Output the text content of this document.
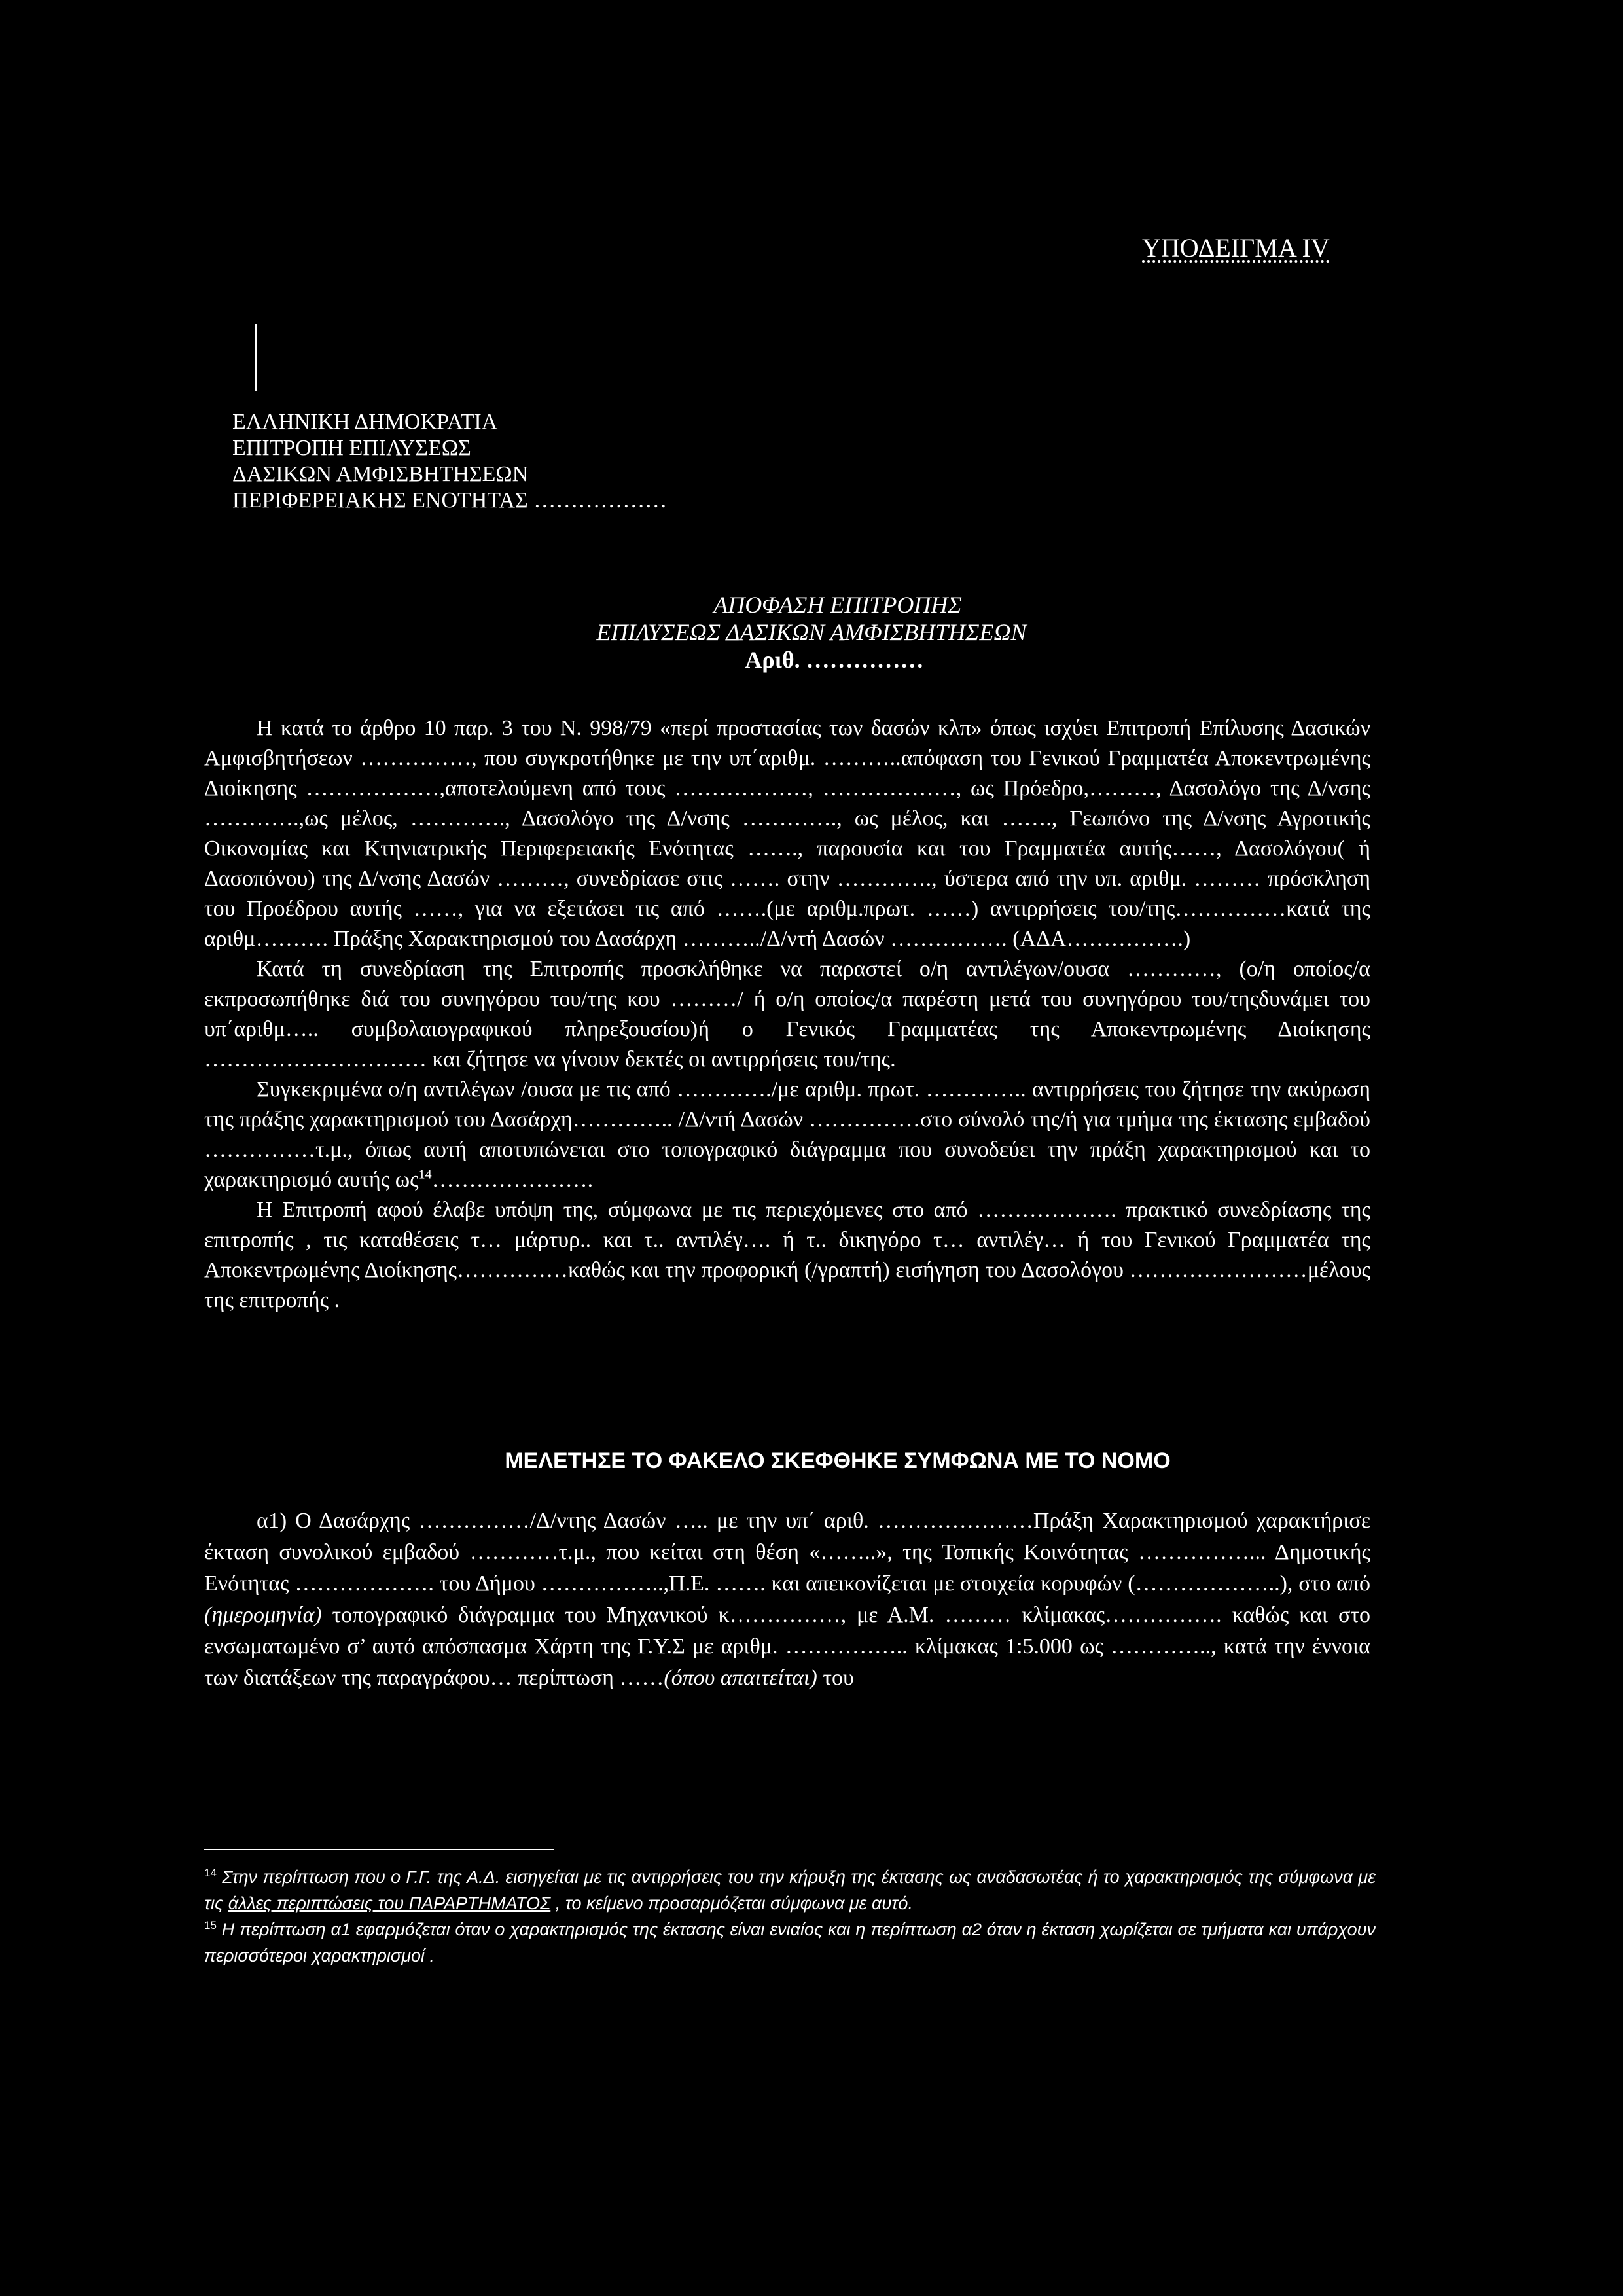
ΥΠΟΔΕΙΓΜΑ IV
ΕΛΛΗΝΙΚΗ ΔΗΜΟΚΡΑΤΙΑ
ΕΠΙΤΡΟΠΗ ΕΠΙΛΥΣΕΩΣ
ΔΑΣΙΚΩΝ ΑΜΦΙΣΒΗΤΗΣΕΩΝ
ΠΕΡΙΦΕΡΕΙΑΚΗΣ ΕΝΟΤΗΤΑΣ ………………
ΑΠΟΦΑΣΗ ΕΠΙΤΡΟΠΗΣ
ΕΠΙΛΥΣΕΩΣ ΔΑΣΙΚΩΝ ΑΜΦΙΣΒΗΤΗΣΕΩΝ
Αριθ. ……………

Η κατά το άρθρο 10 παρ. 3 του Ν. 998/79 «περί προστασίας των δασών κλπ» όπως ισχύει Επιτροπή Επίλυσης Δασικών Αμφισβητήσεων ……………, που συγκροτήθηκε με την υπ΄αριθμ. ………..απόφαση του Γενικού Γραμματέα Αποκεντρωμένης Διοίκησης ………………,αποτελούμενη από τους ………………, ………………, ως Πρόεδρο,………, Δασολόγο της Δ/νσης ………….,ως μέλος, …………., Δασολόγο της Δ/νσης …………., ως μέλος, και ……., Γεωπόνο της Δ/νσης Αγροτικής Οικονομίας και Κτηνιατρικής Περιφερειακής Ενότητας ……., παρουσία και του Γραμματέα αυτής……, Δασολόγου( ή Δασοπόνου) της Δ/νσης Δασών ………, συνεδρίασε στις ……. στην …………., ύστερα από την υπ. αριθμ. ……… πρόσκληση του Προέδρου αυτής ……, για να εξετάσει τις από …….(με αριθμ.πρωτ. ……) αντιρρήσεις του/της……………κατά της αριθμ………. Πράξης Χαρακτηρισμού του Δασάρχη ………../Δ/ντή Δασών ……………. (ΑΔΑ…………….)

Κατά τη συνεδρίαση της Επιτροπής προσκλήθηκε να παραστεί ο/η αντιλέγων/ουσα …………, (ο/η οποίος/α εκπροσωπήθηκε διά του συνηγόρου του/της κου ………/ ή ο/η οποίος/α παρέστη μετά του συνηγόρου του/τηςδυνάμει του υπ΄αριθμ….. συμβολαιογραφικού πληρεξουσίου)ή ο Γενικός Γραμματέας της Αποκεντρωμένης Διοίκησης ………………………… και ζήτησε να γίνουν δεκτές οι αντιρρήσεις του/της.

Συγκεκριμένα ο/η αντιλέγων /ουσα με τις από …………./με αριθμ. πρωτ. ………….. αντιρρήσεις του ζήτησε την ακύρωση της πράξης χαρακτηρισμού του Δασάρχη………….. /Δ/ντή Δασών ……………στο σύνολό της/ή για τμήμα της έκτασης εμβαδού ……………τ.μ., όπως αυτή αποτυπώνεται στο τοπογραφικό διάγραμμα που συνοδεύει την πράξη χαρακτηρισμού και το χαρακτηρισμό αυτής $\omega\varsigma^{14}\dots\dots\dots\dots\dots\dots\dots$.

Η Επιτροπή αφού έλαβε υπόψη της, σύμφωνα με τις περιεχόμενες στο από ………………. πρακτικό συνεδρίασης της επιτροπής , τις καταθέσεις τ… μάρτυρ.. και τ.. αντιλέγ…. ή τ.. δικηγόρο τ… αντιλέγ… ή του Γενικού Γραμματέα της Αποκεντρωμένης Διοίκησης……………καθώς και την προφορική (/γραπτή) εισήγηση του Δασολόγου ……………………μέλους της επιτροπής .

ΜΕΛΕΤΗΣΕ ΤΟ ΦΑΚΕΛΟ ΣΚΕΦΘΗΚΕ ΣΥΜΦΩΝΑ ΜΕ ΤΟ ΝΟΜΟ

α1) Ο Δασάρχης ……………/Δ/ντης Δασών ….. με την υπ΄ αριθ. …………………Πράξη Χαρακτηρισμού χαρακτήρισε έκταση συνολικού εμβαδού …………τ.μ., που κείται στη θέση «……..», της Τοπικής Κοινότητας ……………... Δημοτικής Ενότητας ………………. του Δήμου ……………..,Π.Ε. ……. και απεικονίζεται με στοιχεία κορυφών (………………..), στο από (ημερομηνία) τοπογραφικό διάγραμμα του Μηχανικού κ……………, με Α.Μ. ……… κλίμακας……………. καθώς και στο ενσωματωμένο σ’ αυτό απόσπασμα Χάρτη της Γ.Υ.Σ με αριθμ. …………….. κλίμακας 1:5.000 ως ………….., κατά την έννοια των διατάξεων της παραγράφου… περίπτωση ……(όπου απαιτείται) του

$^{14}$ Στην περίπτωση που ο Γ.Γ. της Α.Δ. εισηγείται με τις αντιρρήσεις του την κήρυξη της έκτασης ως αναδασωτέας ή το χαρακτηρισμός της σύμφωνα με τις άλλες περιπτώσεις του ΠΑΡΑΡΤΗΜΑΤΟΣ , το κείμενο προσαρμόζεται σύμφωνα με αυτό.

$^{15}$ Η περίπτωση α1 εφαρμόζεται όταν ο χαρακτηρισμός της έκτασης είναι ενιαίος και η περίπτωση α2 όταν η έκταση χωρίζεται σε τμήματα και υπάρχουν περισσότεροι χαρακτηρισμοί .
